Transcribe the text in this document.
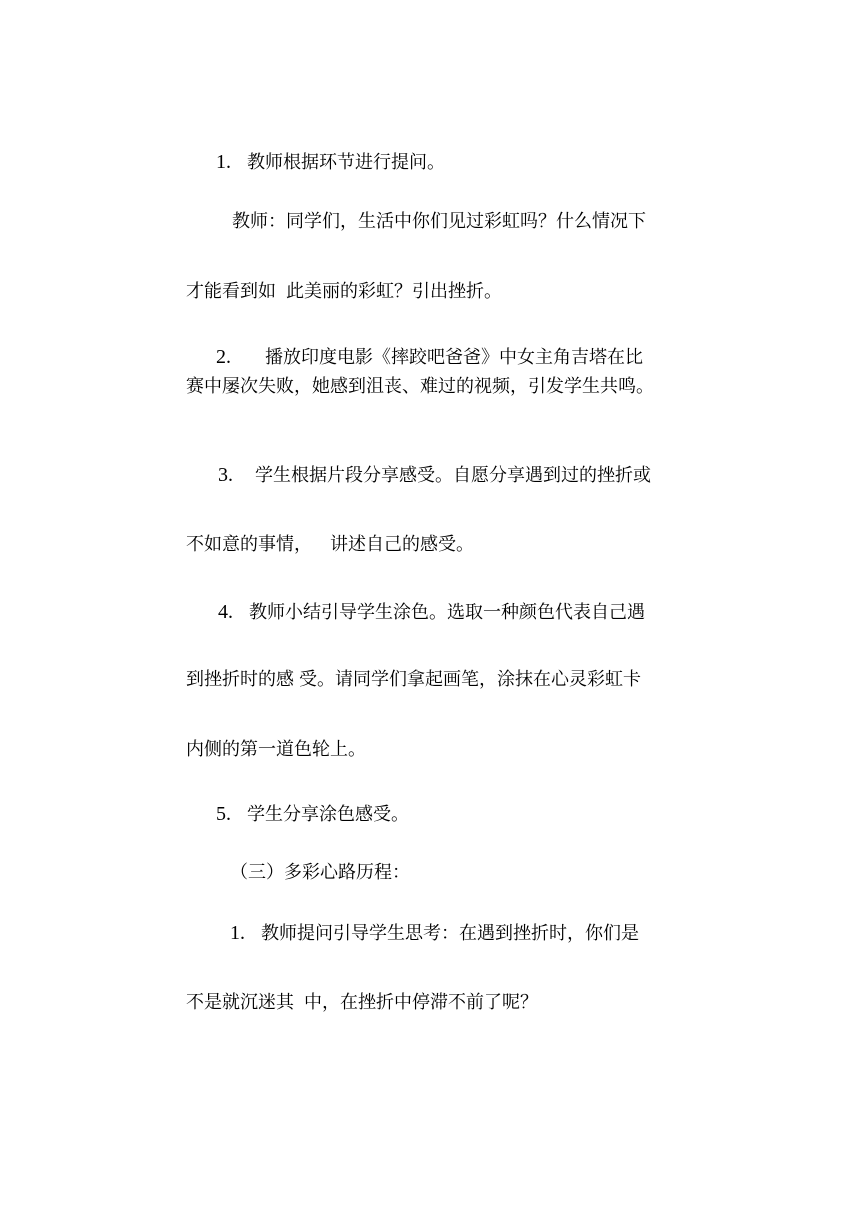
1. 教师根据环节进行提问。

教师：同学们，生活中你们见过彩虹吗？什么情况下

才能看到如 此美丽的彩虹？引出挫折。

2. 播放印度电影《摔跤吧爸爸》中女主角吉塔在比

赛中屡次失败，她感到沮丧、难过的视频，引发学生共鸣。

3. 学生根据片段分享感受。自愿分享遇到过的挫折或

不如意的事情， 讲述自己的感受。

4. 教师小结引导学生涂色。选取一种颜色代表自己遇

到挫折时的感 受。请同学们拿起画笔，涂抹在心灵彩虹卡

内侧的第一道色轮上。

5. 学生分享涂色感受。

（三）多彩心路历程：

1. 教师提问引导学生思考：在遇到挫折时，你们是

不是就沉迷其 中，在挫折中停滞不前了呢？
